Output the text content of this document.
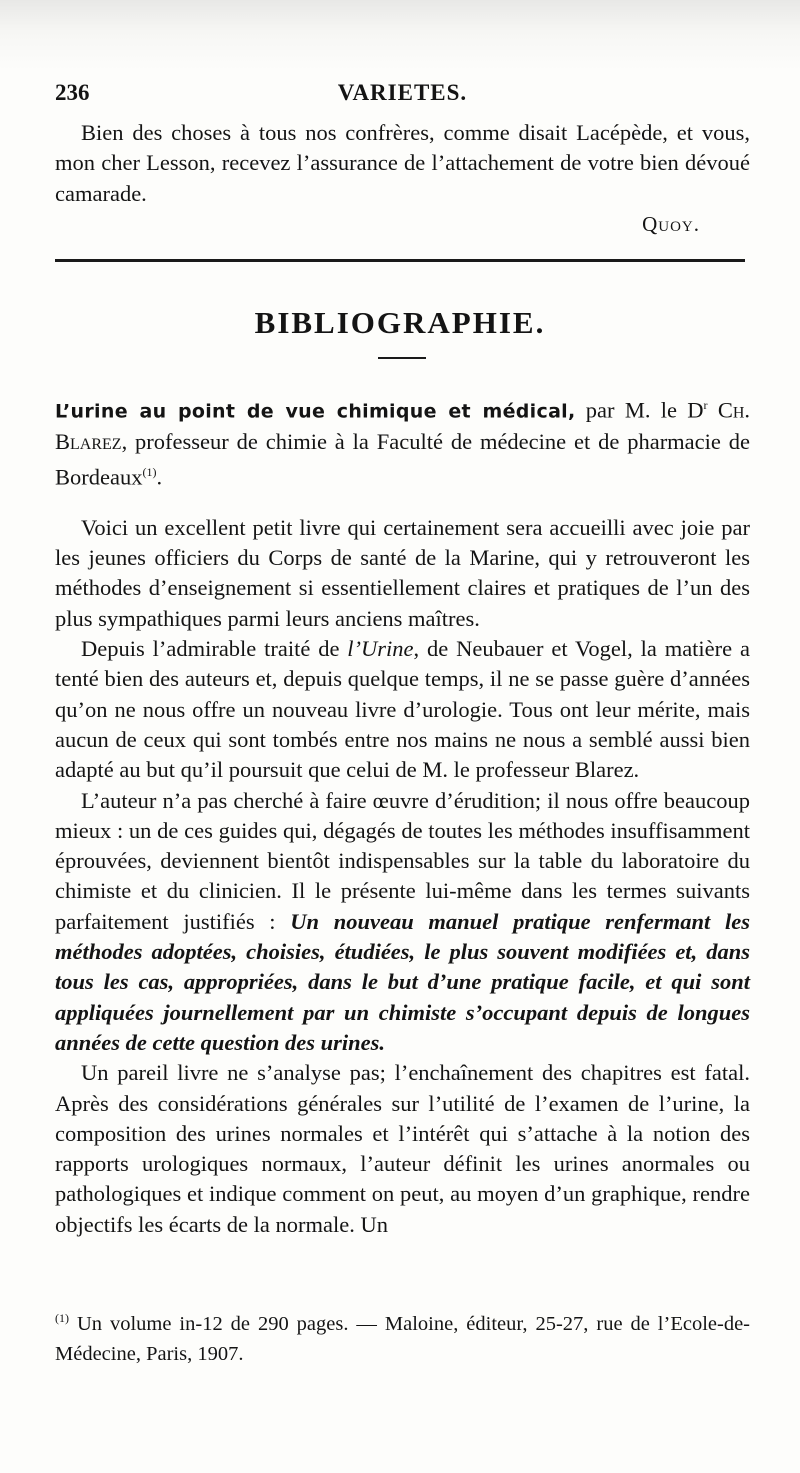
236	VARIETES.

Bien des choses à tous nos confrères, comme disait Lacépède, et vous, mon cher Lesson, recevez l’assurance de l’attachement de votre bien dévoué camarade.

Quoy.
BIBLIOGRAPHIE.

L’urine au point de vue chimique et médical, par M. le $D^r$ Ch. Blarez, professeur de chimie à la Faculté de médecine et de pharmacie de Bordeaux$^{(1)}$.

Voici un excellent petit livre qui certainement sera accueilli avec joie par les jeunes officiers du Corps de santé de la Marine, qui y retrouveront les méthodes d’enseignement si essentiellement claires et pratiques de l’un des plus sympathiques parmi leurs anciens maîtres.

Depuis l’admirable traité de l’Urine, de Neubauer et Vogel, la matière a tenté bien des auteurs et, depuis quelque temps, il ne se passe guère d’années qu’on ne nous offre un nouveau livre d’urologie. Tous ont leur mérite, mais aucun de ceux qui sont tombés entre nos mains ne nous a semblé aussi bien adapté au but qu’il poursuit que celui de M. le professeur Blarez.

L’auteur n’a pas cherché à faire œuvre d’érudition; il nous offre beaucoup mieux : un de ces guides qui, dégagés de toutes les méthodes insuffisamment éprouvées, deviennent bientôt indispensables sur la table du laboratoire du chimiste et du clinicien. Il le présente lui-même dans les termes suivants parfaitement justifiés : Un nouveau manuel pratique renfermant les méthodes adoptées, choisies, étudiées, le plus souvent modifiées et, dans tous les cas, appropriées, dans le but d’une pratique facile, et qui sont appliquées journellement par un chimiste s’occupant depuis de longues années de cette question des urines.

Un pareil livre ne s’analyse pas; l’enchaînement des chapitres est fatal. Après des considérations générales sur l’utilité de l’examen de l’urine, la composition des urines normales et l’intérêt qui s’attache à la notion des rapports urologiques normaux, l’auteur définit les urines anormales ou pathologiques et indique comment on peut, au moyen d’un graphique, rendre objectifs les écarts de la normale. Un

$^{(1)}$ Un volume in-12 de 290 pages. — Maloine, éditeur, 25-27, rue de l’Ecole-de-Médecine, Paris, 1907.
